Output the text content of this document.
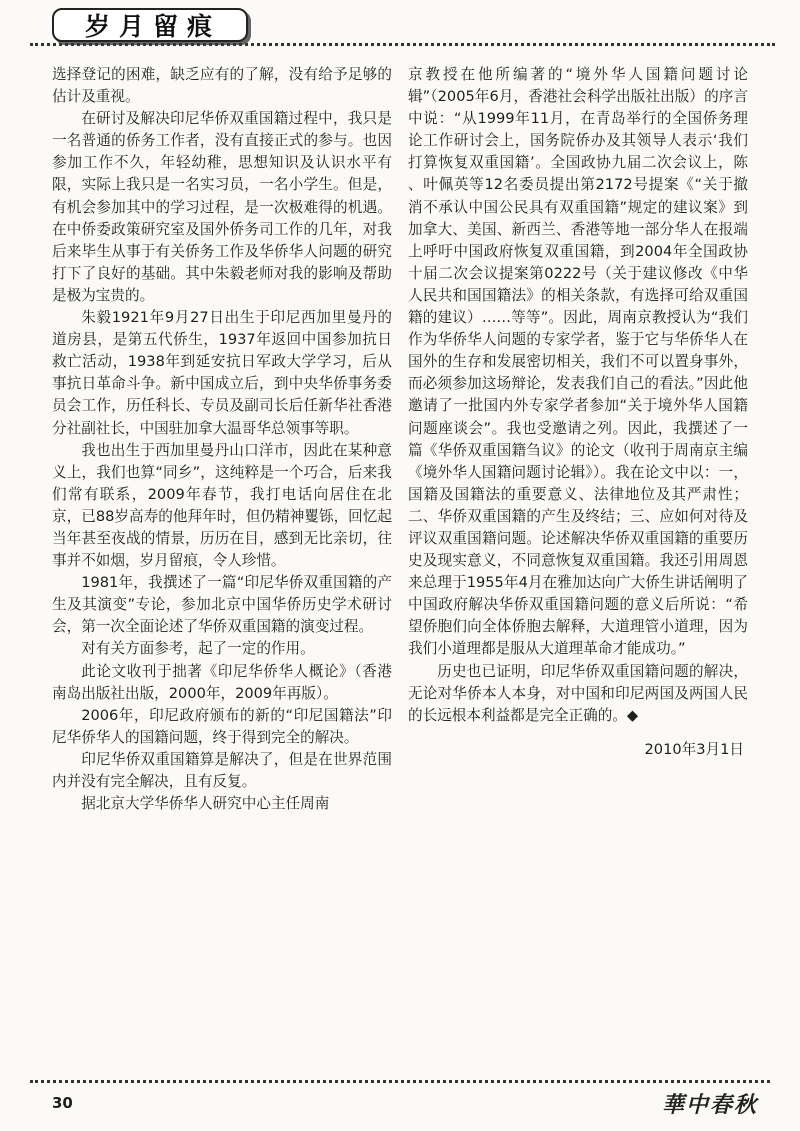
岁月留痕

选择登记的困难，缺乏应有的了解，没有给予足够的估计及重视。

在研讨及解决印尼华侨双重国籍过程中，我只是一名普通的侨务工作者，没有直接正式的参与。也因参加工作不久，年轻幼稚，思想知识及认识水平有限，实际上我只是一名实习员，一名小学生。但是，有机会参加其中的学习过程，是一次极难得的机遇。在中侨委政策研究室及国外侨务司工作的几年，对我后来毕生从事于有关侨务工作及华侨华人问题的研究打下了良好的基础。其中朱毅老师对我的影响及帮助是极为宝贵的。

朱毅1921年9月27日出生于印尼西加里曼丹的道房县，是第五代侨生，1937年返回中国参加抗日救亡活动，1938年到延安抗日军政大学学习，后从事抗日革命斗争。新中国成立后，到中央华侨事务委员会工作，历任科长、专员及副司长后任新华社香港分社副社长，中国驻加拿大温哥华总领事等职。

我也出生于西加里曼丹山口洋市，因此在某种意义上，我们也算“同乡”，这纯粹是一个巧合，后来我们常有联系，2009年春节，我打电话向居住在北京，已88岁高寿的他拜年时，但仍精神矍铄，回忆起当年甚至夜战的情景，历历在目，感到无比亲切，往事并不如烟，岁月留痕，令人珍惜。

1981年，我撰述了一篇“印尼华侨双重国籍的产生及其演变”专论，参加北京中国华侨历史学术研讨会，第一次全面论述了华侨双重国籍的演变过程。

对有关方面参考，起了一定的作用。

此论文收刊于拙著《印尼华侨华人概论》（香港南岛出版社出版，2000年，2009年再版）。

2006年，印尼政府颁布的新的“印尼国籍法”印尼华侨华人的国籍问题，终于得到完全的解决。

印尼华侨双重国籍算是解决了，但是在世界范围内并没有完全解决，且有反复。

据北京大学华侨华人研究中心主任周南

京教授在他所编著的“境外华人国籍问题讨论辑”（2005年6月，香港社会科学出版社出版）的序言中说：“从1999年11月，在青岛举行的全国侨务理论工作研讨会上，国务院侨办及其领导人表示‘我们打算恢复双重国籍’。全国政协九届二次会议上，陈 、叶佩英等12名委员提出第2172号提案《“关于撤消不承认中国公民具有双重国籍”规定的建议案》到加拿大、美国、新西兰、香港等地一部分华人在报端上呼吁中国政府恢复双重国籍，到2004年全国政协十届二次会议提案第0222号（关于建议修改《中华人民共和国国籍法》的相关条款，有选择可给双重国籍的建议）……等等”。因此，周南京教授认为“我们作为华侨华人问题的专家学者，鉴于它与华侨华人在国外的生存和发展密切相关，我们不可以置身事外，而必须参加这场辩论，发表我们自己的看法。”因此他邀请了一批国内外专家学者参加“关于境外华人国籍问题座谈会”。我也受邀请之列。因此，我撰述了一篇《华侨双重国籍刍议》的论文（收刊于周南京主编《境外华人国籍问题讨论辑》）。我在论文中以：一，国籍及国籍法的重要意义、法律地位及其严肃性；二、华侨双重国籍的产生及终结；三、应如何对待及评议双重国籍问题。论述解决华侨双重国籍的重要历史及现实意义，不同意恢复双重国籍。我还引用周恩来总理于1955年4月在雅加达向广大侨生讲话阐明了中国政府解决华侨双重国籍问题的意义后所说：“希望侨胞们向全体侨胞去解释，大道理管小道理，因为我们小道理都是服从大道理革命才能成功。”

历史也已证明，印尼华侨双重国籍问题的解决，无论对华侨本人本身，对中国和印尼两国及两国人民的长远根本利益都是完全正确的。◆

2010年3月1日
30	華中春秋
